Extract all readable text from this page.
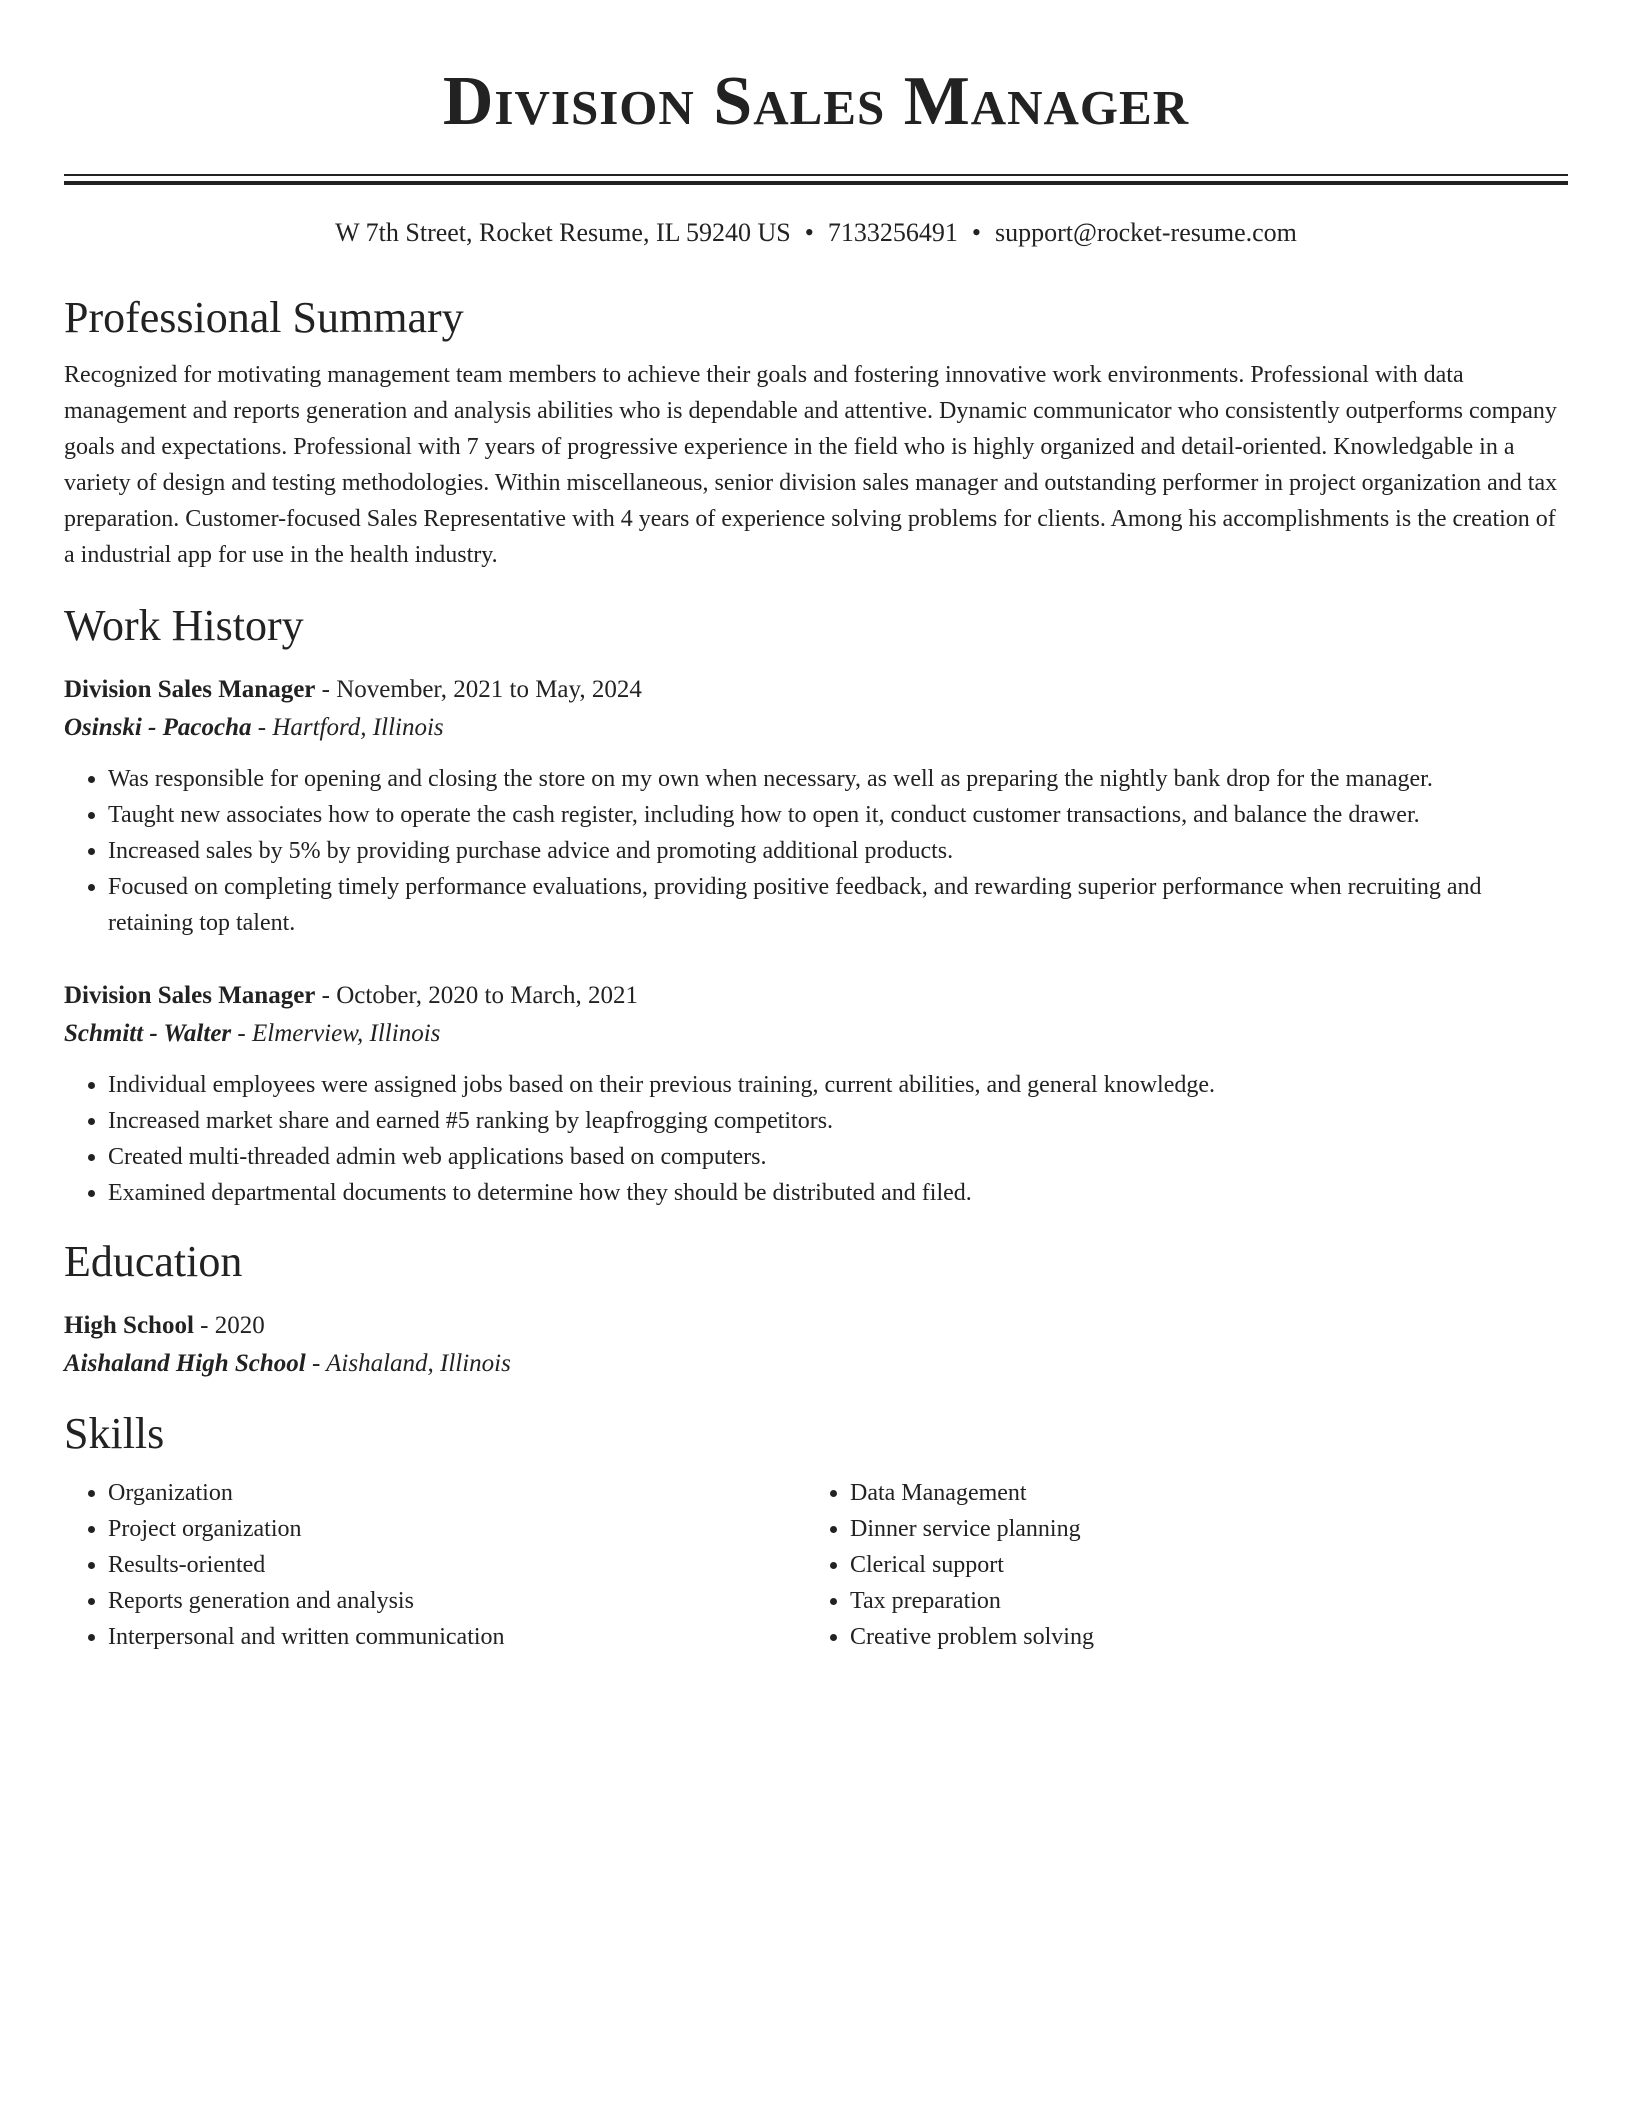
Division Sales Manager
W 7th Street, Rocket Resume, IL 59240 US • 7133256491 • support@rocket-resume.com
Professional Summary

Recognized for motivating management team members to achieve their goals and fostering innovative work environments. Professional with data management and reports generation and analysis abilities who is dependable and attentive. Dynamic communicator who consistently outperforms company goals and expectations. Professional with 7 years of progressive experience in the field who is highly organized and detail-oriented. Knowledgable in a variety of design and testing methodologies. Within miscellaneous, senior division sales manager and outstanding performer in project organization and tax preparation. Customer-focused Sales Representative with 4 years of experience solving problems for clients. Among his accomplishments is the creation of a industrial app for use in the health industry.

Work History
Division Sales Manager - November, 2021 to May, 2024
Osinski - Pacocha - Hartford, Illinois
• Was responsible for opening and closing the store on my own when necessary, as well as preparing the nightly bank drop for the manager.
• Taught new associates how to operate the cash register, including how to open it, conduct customer transactions, and balance the drawer.
• Increased sales by 5% by providing purchase advice and promoting additional products.
• Focused on completing timely performance evaluations, providing positive feedback, and rewarding superior performance when recruiting and retaining top talent.
Division Sales Manager - October, 2020 to March, 2021
Schmitt - Walter - Elmerview, Illinois
• Individual employees were assigned jobs based on their previous training, current abilities, and general knowledge.
• Increased market share and earned #5 ranking by leapfrogging competitors.
• Created multi-threaded admin web applications based on computers.
• Examined departmental documents to determine how they should be distributed and filed.
Education
High School - 2020
Aishaland High School - Aishaland, Illinois
Skills
• Organization
• Project organization
• Results-oriented
• Reports generation and analysis
• Interpersonal and written communication
• Data Management
• Dinner service planning
• Clerical support
• Tax preparation
• Creative problem solving
